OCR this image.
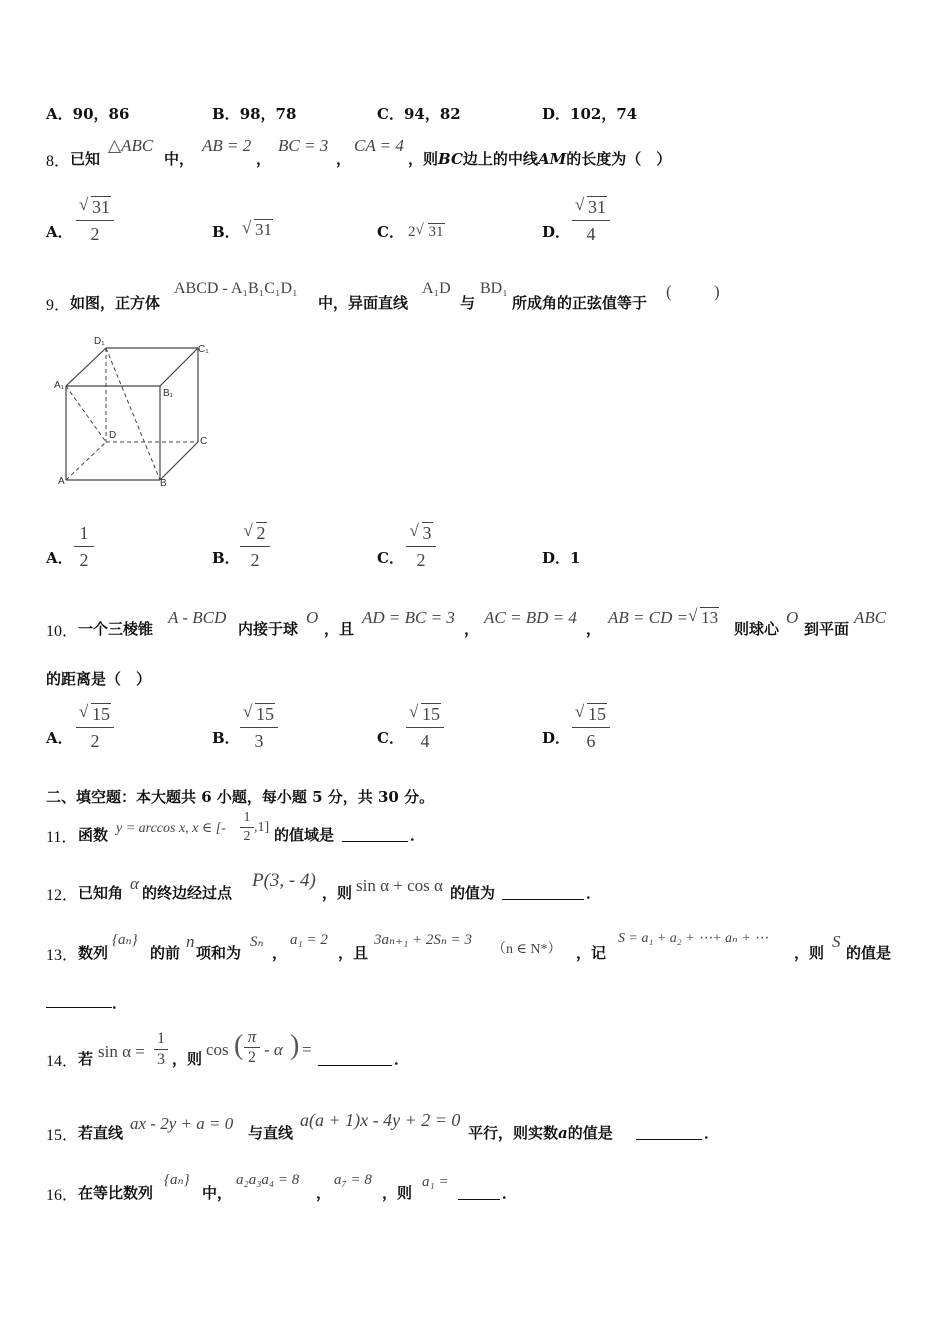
A．90，86	B．98，78	C．94，82	D．102，74
8． 已知
△ABC
中，
AB = 2
，
BC = 3
，
CA = 4
，则BC边上的中线AM的长度为（　）
A．
√ 31
2	B． √ 31	C． 2 √ 31	D．
√ 31
4
9． 如图，正方体
ABCD - A₁B₁C₁D₁
中，异面直线
A₁D
与
BD₁
所成角的正弦值等于
( )
D₁
C₁
A₁
B₁
D
C
A	B
A．
1
2	B．
√ 2
2	C．
√ 3
2	D．1
10． 一个三棱锥
A - BCD
内接于球
O
，且
AD = BC = 3
，
AC = BD = 4
，
AB = CD = √ 13
则球心
O
到平面
ABC
的距离是（　）
A．
√ 15
2	B．
√ 15
3	C．
√ 15
4	D．
√ 15
6
二、填空题：本大题共 6 小题，每小题 5 分，共 30 分。
11． 函数 y = arccos x, x ∈ [-
1
2
,1] 的值域是	．
12． 已知角 α 的终边经过点
P(3, - 4)
，则 sin α + cos α 的值为	．
13． 数列
{aₙ}
的前
n
项和为
Sₙ
，
a₁ = 2
，且
3aₙ₊₁ + 2Sₙ = 3
（n ∈ N*） ，记
S = a₁ + a₂ + ⋯+ aₙ + ⋯
，则
S
的值是
．
14． 若 sin α =
1
3 ，则 cos ( π
2 - α ) =	．
15． 若直线 ax - 2y + a = 0 与直线
a(a + 1)x - 4y + 2 = 0
平行，则实数a的值是	．
16． 在等比数列
{aₙ}
中，
a₂a₃a₄ = 8
，
a₇ = 8
，则
a₁ =
．
